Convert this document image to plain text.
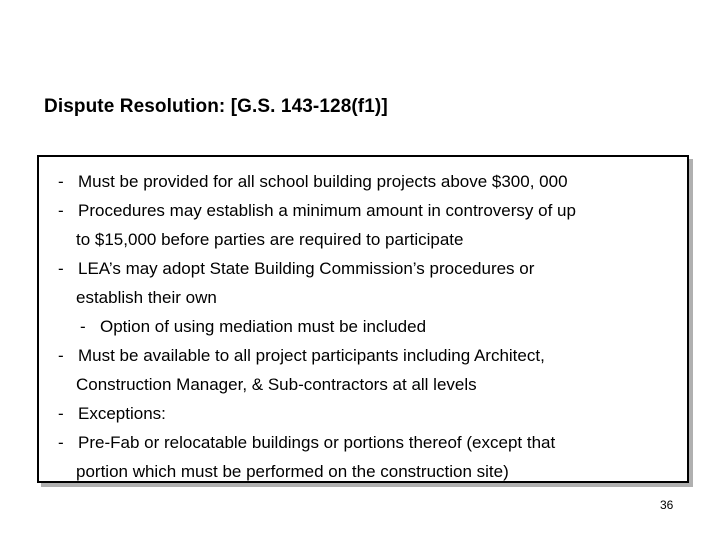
Dispute Resolution: [G.S. 143-128(f1)]
- Must be provided for all school building projects above $300, 000
- Procedures may establish a minimum amount in controversy of up
to $15,000 before parties are required to participate
- LEA’s may adopt State Building Commission’s procedures or
establish their own
- Option of using mediation must be included
- Must be available to all project participants including Architect,
Construction Manager, & Sub-contractors at all levels
- Exceptions:
- Pre-Fab or relocatable buildings or portions thereof (except that
portion which must be performed on the construction site)
36
